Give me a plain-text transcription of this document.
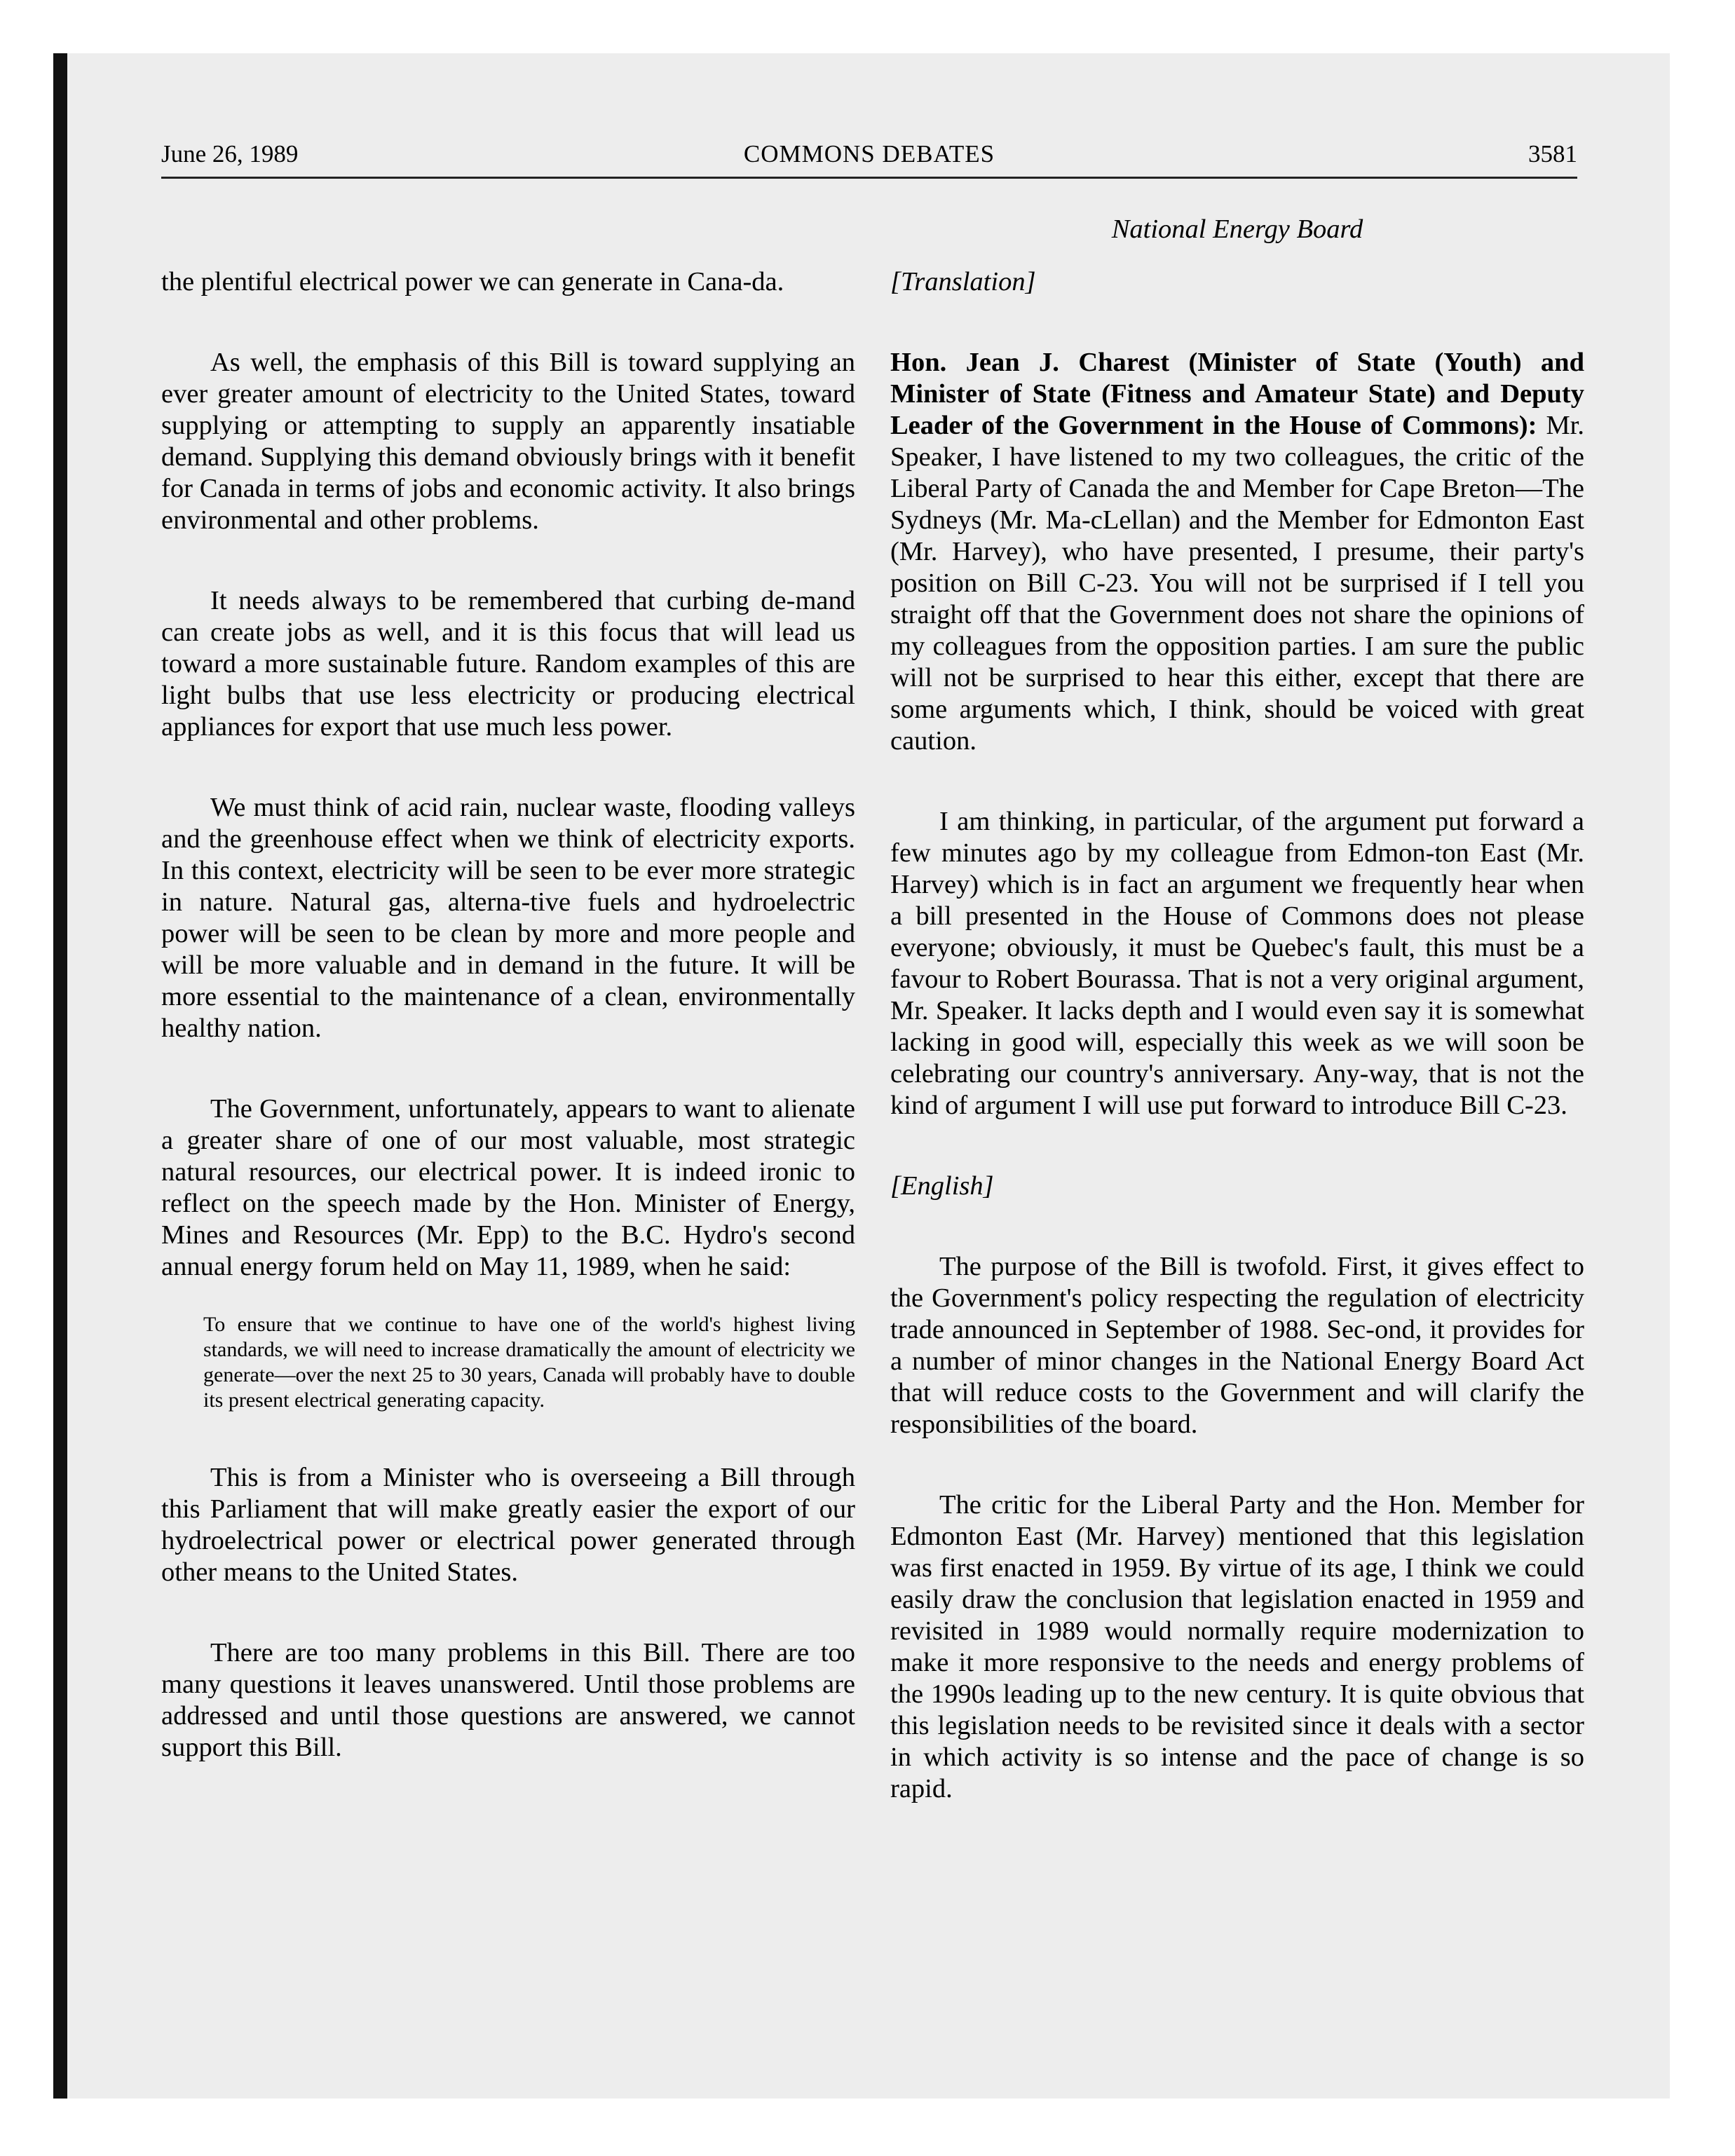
June 26, 1989	COMMONS DEBATES	3581
National Energy Board

the plentiful electrical power we can generate in Cana-da.

As well, the emphasis of this Bill is toward supplying an ever greater amount of electricity to the United States, toward supplying or attempting to supply an apparently insatiable demand. Supplying this demand obviously brings with it benefit for Canada in terms of jobs and economic activity. It also brings environmental and other problems.

It needs always to be remembered that curbing de-mand can create jobs as well, and it is this focus that will lead us toward a more sustainable future. Random examples of this are light bulbs that use less electricity or producing electrical appliances for export that use much less power.

We must think of acid rain, nuclear waste, flooding valleys and the greenhouse effect when we think of electricity exports. In this context, electricity will be seen to be ever more strategic in nature. Natural gas, alterna-tive fuels and hydroelectric power will be seen to be clean by more and more people and will be more valuable and in demand in the future. It will be more essential to the maintenance of a clean, environmentally healthy nation.

The Government, unfortunately, appears to want to alienate a greater share of one of our most valuable, most strategic natural resources, our electrical power. It is indeed ironic to reflect on the speech made by the Hon. Minister of Energy, Mines and Resources (Mr. Epp) to the B.C. Hydro's second annual energy forum held on May 11, 1989, when he said:

To ensure that we continue to have one of the world's highest living standards, we will need to increase dramatically the amount of electricity we generate—over the next 25 to 30 years, Canada will probably have to double its present electrical generating capacity.

This is from a Minister who is overseeing a Bill through this Parliament that will make greatly easier the export of our hydroelectrical power or electrical power generated through other means to the United States.

There are too many problems in this Bill. There are too many questions it leaves unanswered. Until those problems are addressed and until those questions are answered, we cannot support this Bill.

[Translation]

Hon. Jean J. Charest (Minister of State (Youth) and Minister of State (Fitness and Amateur State) and Deputy Leader of the Government in the House of Commons): Mr. Speaker, I have listened to my two colleagues, the critic of the Liberal Party of Canada the and Member for Cape Breton—The Sydneys (Mr. Ma-cLellan) and the Member for Edmonton East (Mr. Harvey), who have presented, I presume, their party's position on Bill C-23. You will not be surprised if I tell you straight off that the Government does not share the opinions of my colleagues from the opposition parties. I am sure the public will not be surprised to hear this either, except that there are some arguments which, I think, should be voiced with great caution.

I am thinking, in particular, of the argument put forward a few minutes ago by my colleague from Edmon-ton East (Mr. Harvey) which is in fact an argument we frequently hear when a bill presented in the House of Commons does not please everyone; obviously, it must be Quebec's fault, this must be a favour to Robert Bourassa. That is not a very original argument, Mr. Speaker. It lacks depth and I would even say it is somewhat lacking in good will, especially this week as we will soon be celebrating our country's anniversary. Any-way, that is not the kind of argument I will use put forward to introduce Bill C-23.

[English]

The purpose of the Bill is twofold. First, it gives effect to the Government's policy respecting the regulation of electricity trade announced in September of 1988. Sec-ond, it provides for a number of minor changes in the National Energy Board Act that will reduce costs to the Government and will clarify the responsibilities of the board.

The critic for the Liberal Party and the Hon. Member for Edmonton East (Mr. Harvey) mentioned that this legislation was first enacted in 1959. By virtue of its age, I think we could easily draw the conclusion that legislation enacted in 1959 and revisited in 1989 would normally require modernization to make it more responsive to the needs and energy problems of the 1990s leading up to the new century. It is quite obvious that this legislation needs to be revisited since it deals with a sector in which activity is so intense and the pace of change is so rapid.
